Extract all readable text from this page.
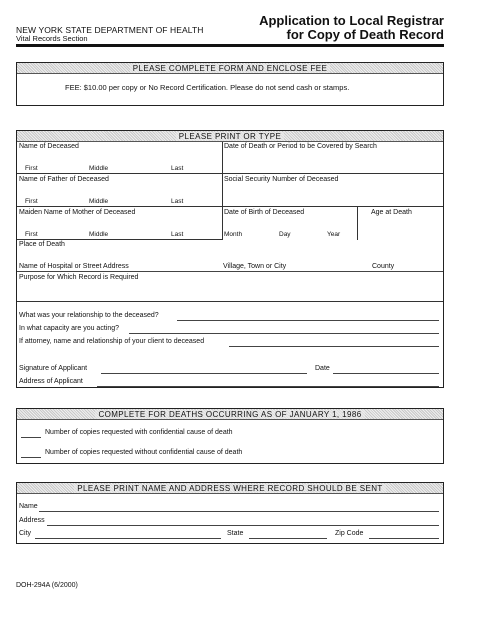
NEW YORK STATE DEPARTMENT OF HEALTH
Vital Records Section
Application to Local Registrar
for Copy of Death Record
PLEASE COMPLETE FORM AND ENCLOSE FEE
FEE: $10.00 per copy or No Record Certification. Please do not send cash or stamps.
PLEASE PRINT OR TYPE
Name of Deceased	Date of Death or Period to be Covered by Search
First	Middle	Last
Name of Father of Deceased	Social Security Number of Deceased
First	Middle	Last
Maiden Name of Mother of Deceased	Date of Birth of Deceased	Age at Death
First	Middle	Last	Month	Day	Year
Place of Death
Name of Hospital or Street Address	Village, Town or City	County
Purpose for Which Record is Required
What was your relationship to the deceased?
In what capacity are you acting?
If attorney, name and relationship of your client to deceased
Signature of Applicant	Date
Address of Applicant
COMPLETE FOR DEATHS OCCURRING AS OF JANUARY 1, 1986
Number of copies requested with confidential cause of death
Number of copies requested without confidential cause of death
PLEASE PRINT NAME AND ADDRESS WHERE RECORD SHOULD BE SENT
Name
Address
City	State	Zip Code
DOH-294A (6/2000)
